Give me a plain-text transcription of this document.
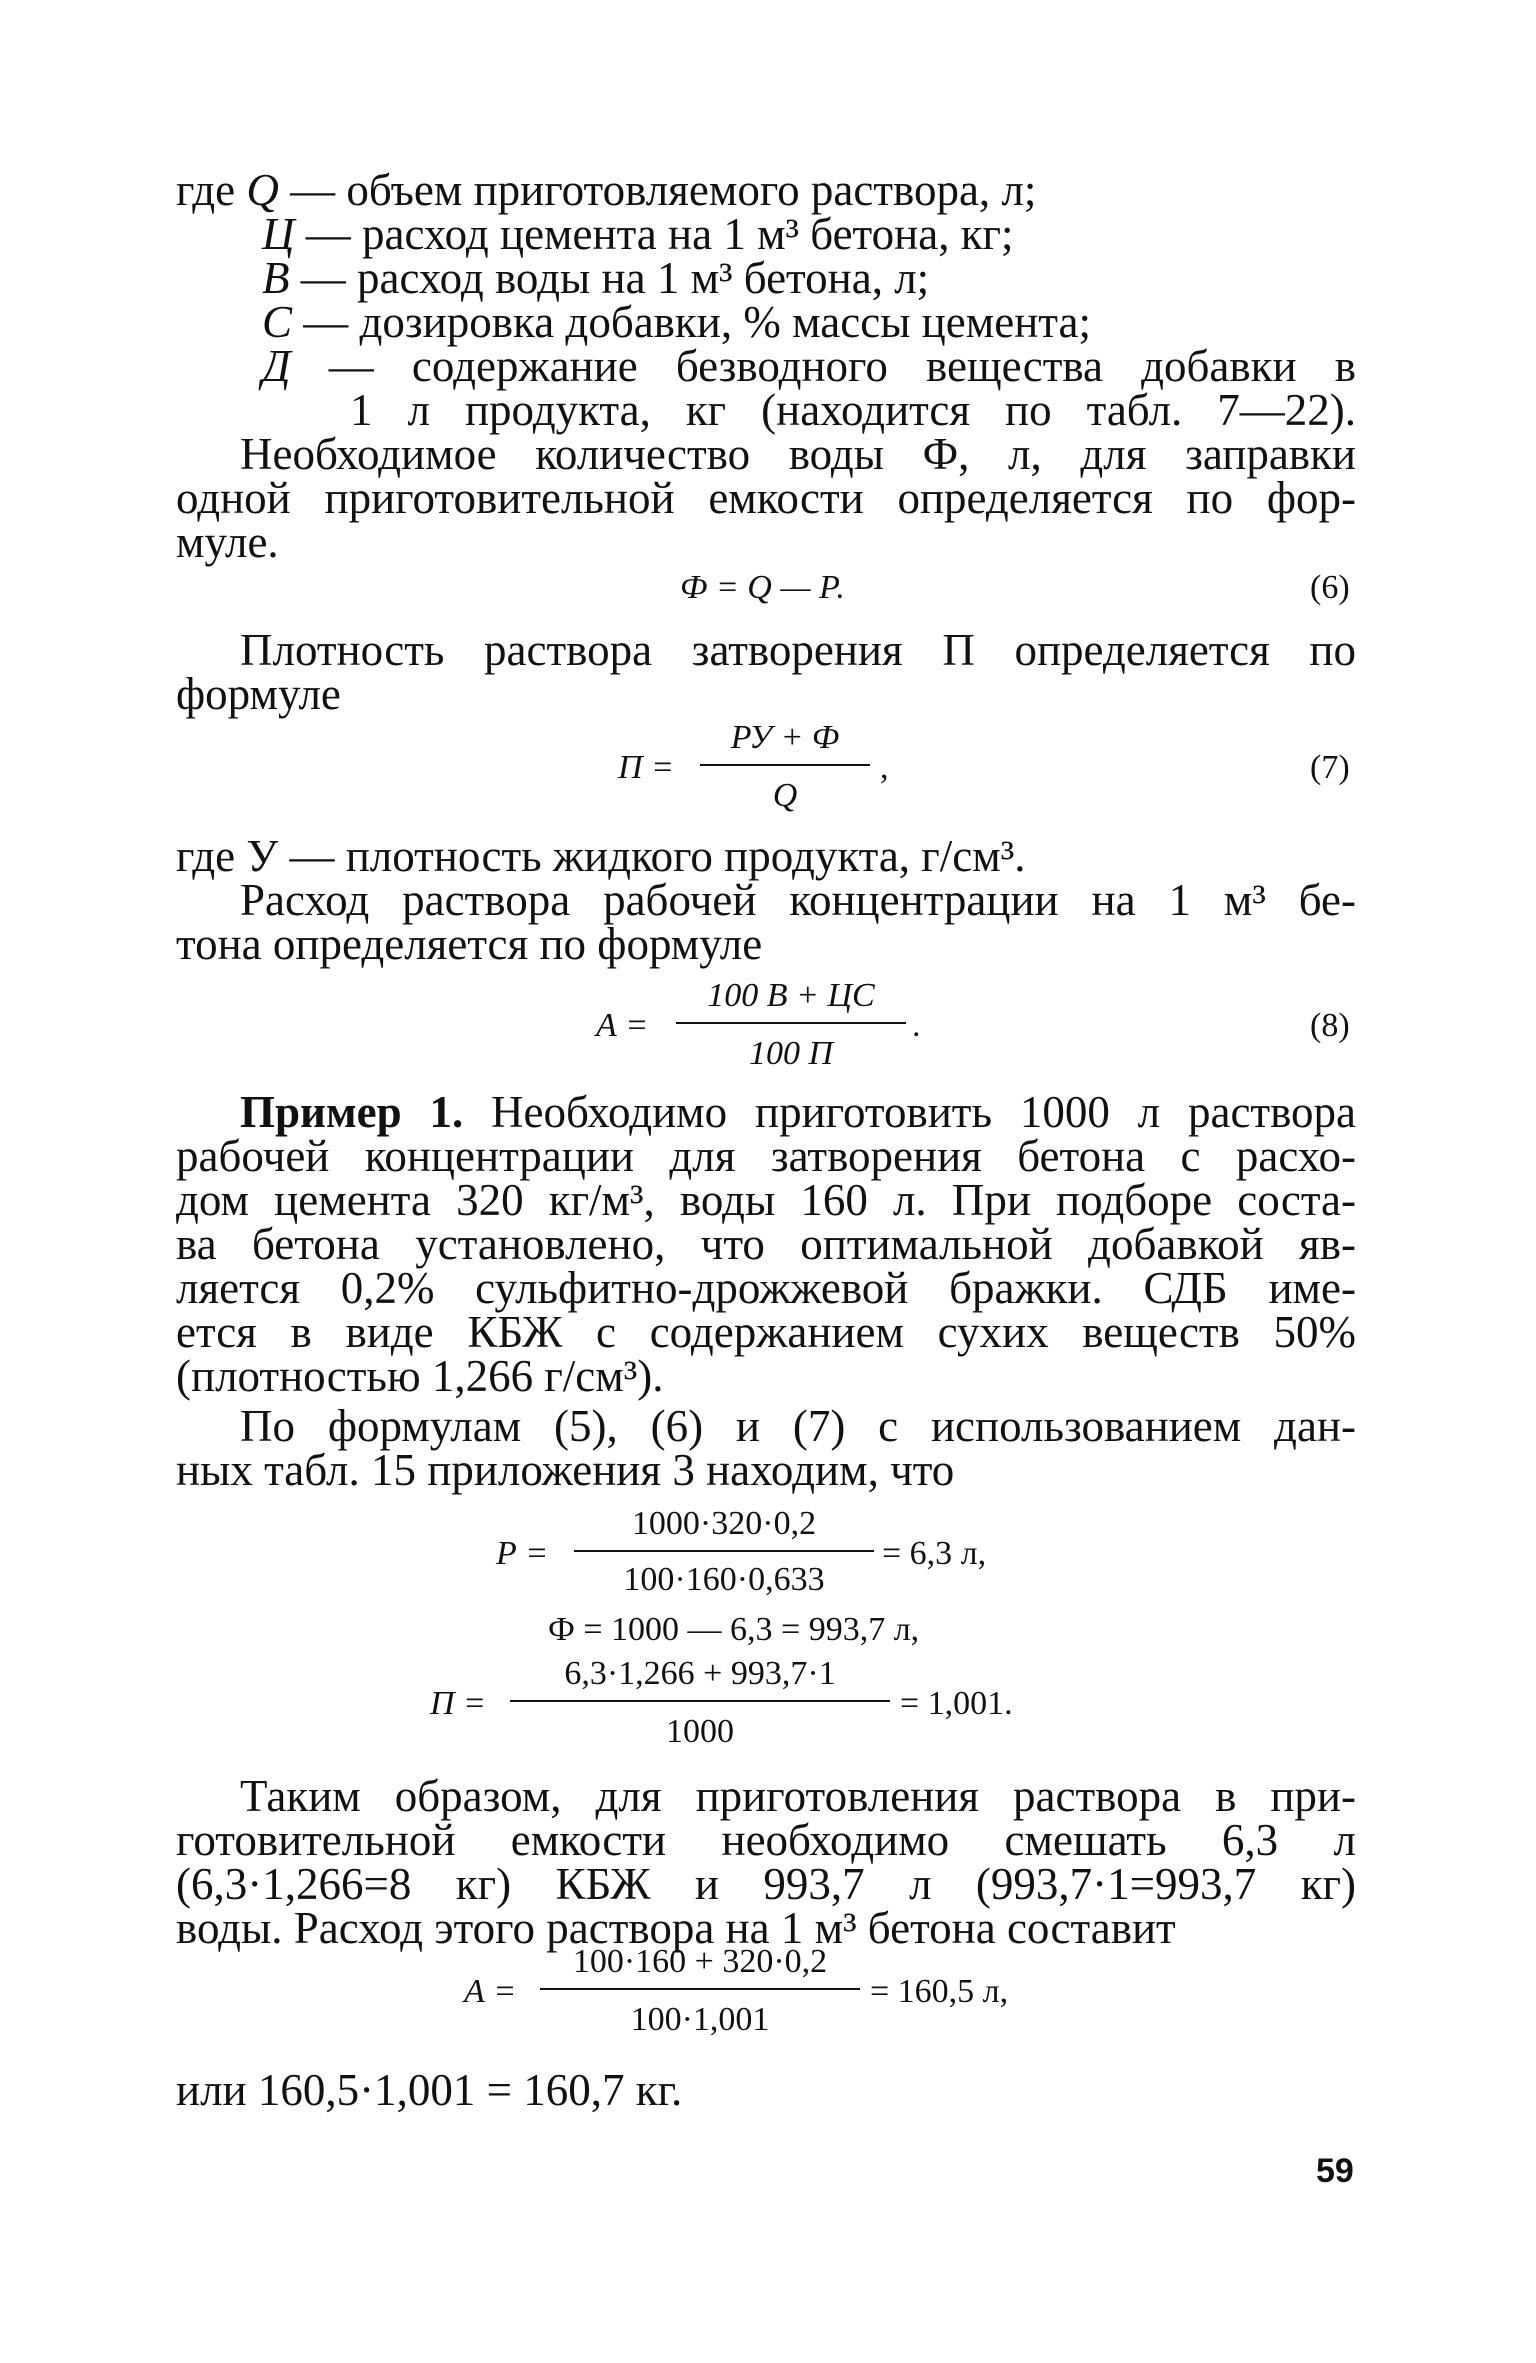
где Q — объем приготовляемого раствора, л;
Ц — расход цемента на 1 м³ бетона, кг;
В — расход воды на 1 м³ бетона, л;
С — дозировка добавки, % массы цемента;
Д — содержание безводного вещества добавки в
1 л продукта, кг (находится по табл. 7—22).
Необходимое количество воды Ф, л, для заправки
одной приготовительной емкости определяется по фор-
муле.
Ф = Q — Р.	(6)
Плотность раствора затворения П определяется по
формуле
П =
РУ + Ф
Q
,	(7)
где У — плотность жидкого продукта, г/см³.
Расход раствора рабочей концентрации на 1 м³ бе-
тона определяется по формуле
А =
100 В + ЦС
100 П
.	(8)
Пример 1. Необходимо приготовить 1000 л раствора
рабочей концентрации для затворения бетона с расхо-
дом цемента 320 кг/м³, воды 160 л. При подборе соста-
ва бетона установлено, что оптимальной добавкой яв-
ляется 0,2% сульфитно-дрожжевой бражки. СДБ име-
ется в виде КБЖ с содержанием сухих веществ 50%
(плотностью 1,266 г/см³).
По формулам (5), (6) и (7) с использованием дан-
ных табл. 15 приложения 3 находим, что
Р =
1000·320·0,2
100·160·0,633
= 6,3 л,
Ф = 1000 — 6,3 = 993,7 л,
П =
6,3·1,266 + 993,7·1
1000
= 1,001.
Таким образом, для приготовления раствора в при-
готовительной емкости необходимо смешать 6,3 л
(6,3·1,266=8 кг) КБЖ и 993,7 л (993,7·1=993,7 кг)
воды. Расход этого раствора на 1 м³ бетона составит
А =
100·160 + 320·0,2
100·1,001
= 160,5 л,
или 160,5·1,001 = 160,7 кг.
59
